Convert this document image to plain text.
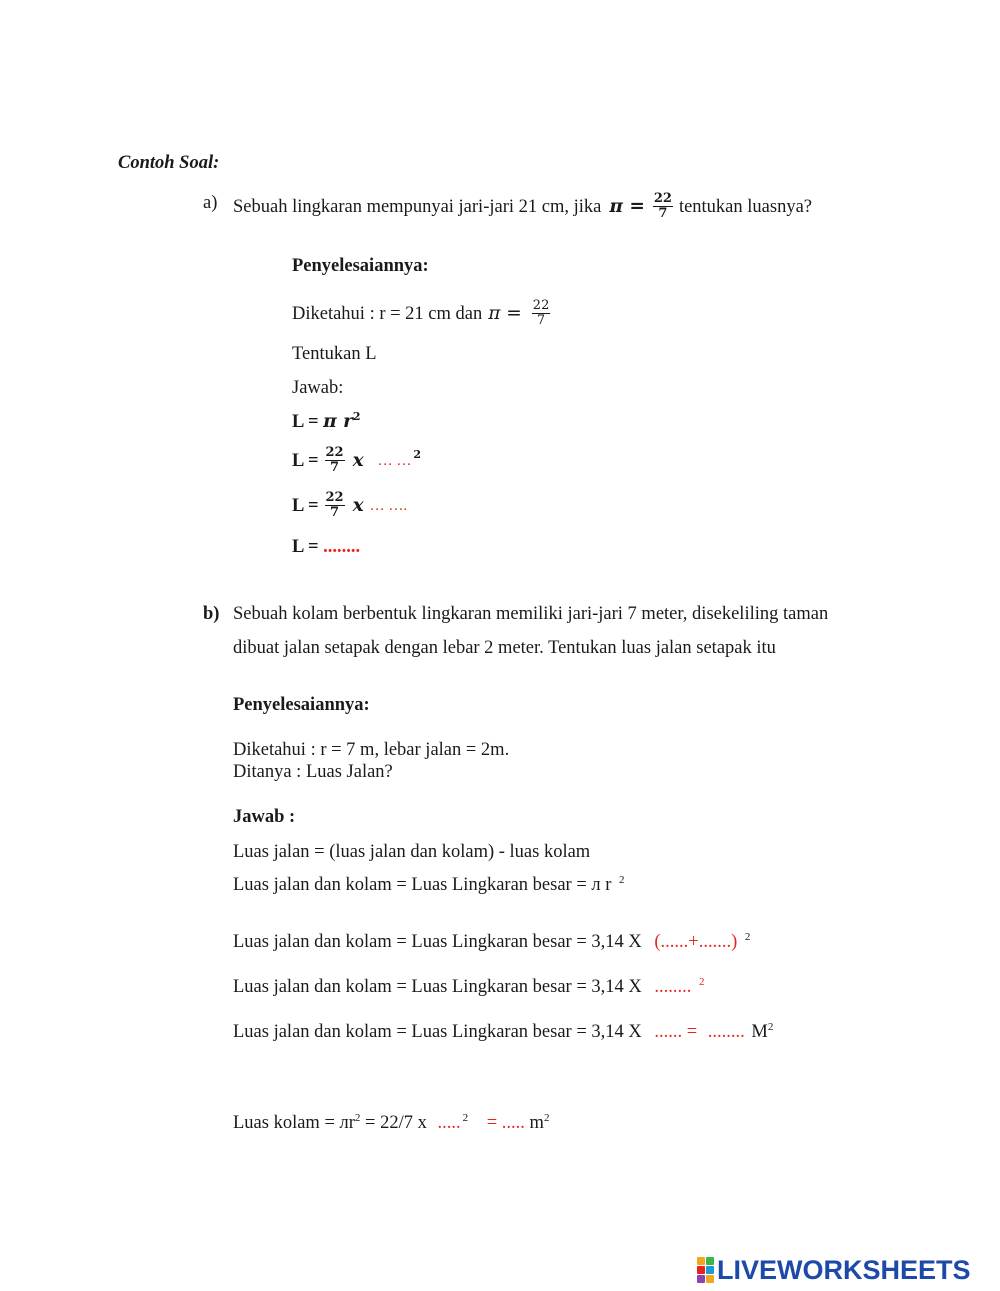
Contoh Soal:
a) Sebuah lingkaran mempunyai jari-jari 21 cm, jika $\pi = \frac{22}{7}$ tentukan luasnya?
Penyelesaiannya:
Diketahui : r = 21 cm dan $\pi = \frac{22}{7}$
Tentukan L
Jawab:
L = π $r^2$
$L = \frac{22}{7}$ x … …$^2$
$L = \frac{22}{7}$ x … ….
L = ........
b) Sebuah kolam berbentuk lingkaran memiliki jari-jari 7 meter, disekeliling taman
dibuat jalan setapak dengan lebar 2 meter. Tentukan luas jalan setapak itu
Penyelesaiannya:
Diketahui : r = 7 m, lebar jalan = 2m.
Ditanya : Luas Jalan?
Jawab :
Luas jalan = (luas jalan dan kolam) - luas kolam
Luas jalan dan kolam = Luas Lingkaran besar = л r $^2$
Luas jalan dan kolam = Luas Lingkaran besar = 3,14 X (......+.......) $^2$
Luas jalan dan kolam = Luas Lingkaran besar = 3,14 X ........ $^2$
Luas jalan dan kolam = Luas Lingkaran besar = 3,14 X ...... = ........ $M^2$
Luas kolam = $лr^2 = 22/7$ x ..... $^2$ = ..... $m^2$
LIVEWORKSHEETS
